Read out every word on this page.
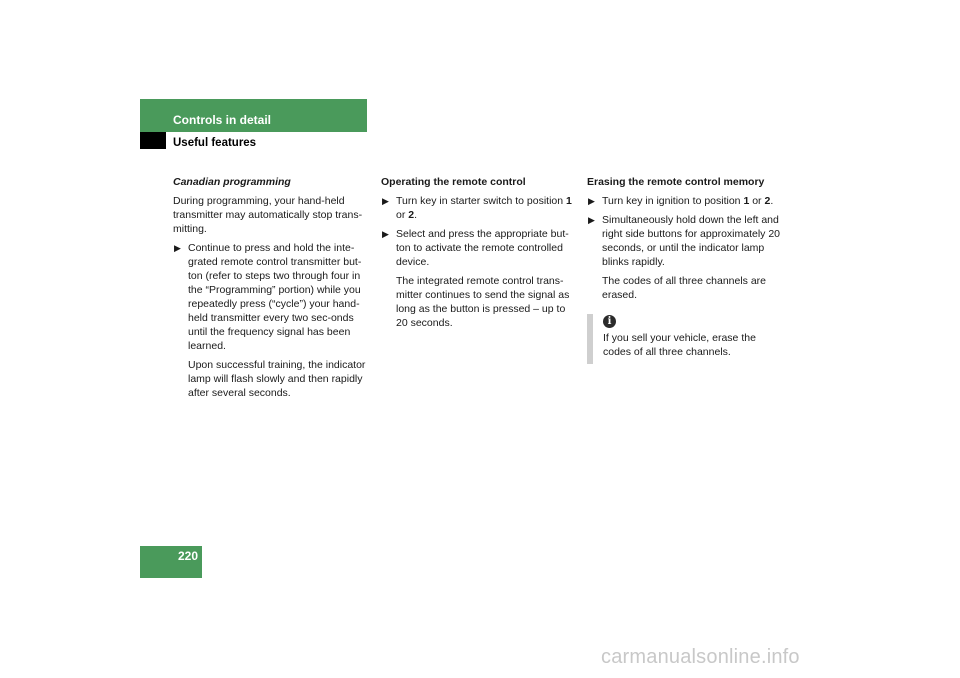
Controls in detail
Useful features

Canadian programming

During programming, your hand-held transmitter may automatically stop trans-mitting.

▶ Continue to press and hold the inte-grated remote control transmitter but-ton (refer to steps two through four in the “Programming” portion) while you repeatedly press (“cycle”) your hand-held transmitter every two sec-onds until the frequency signal has been learned.

Upon successful training, the indicator lamp will flash slowly and then rapidly after several seconds.

Operating the remote control

▶ Turn key in starter switch to position 1 or 2.
▶ Select and press the appropriate but-ton to activate the remote controlled device.

The integrated remote control trans-mitter continues to send the signal as long as the button is pressed – up to 20 seconds.

Erasing the remote control memory

▶ Turn key in ignition to position 1 or 2.
▶ Simultaneously hold down the left and right side buttons for approximately 20 seconds, or until the indicator lamp blinks rapidly.

The codes of all three channels are erased.

i
If you sell your vehicle, erase the codes of all three channels.
220
carmanualsonline.info
